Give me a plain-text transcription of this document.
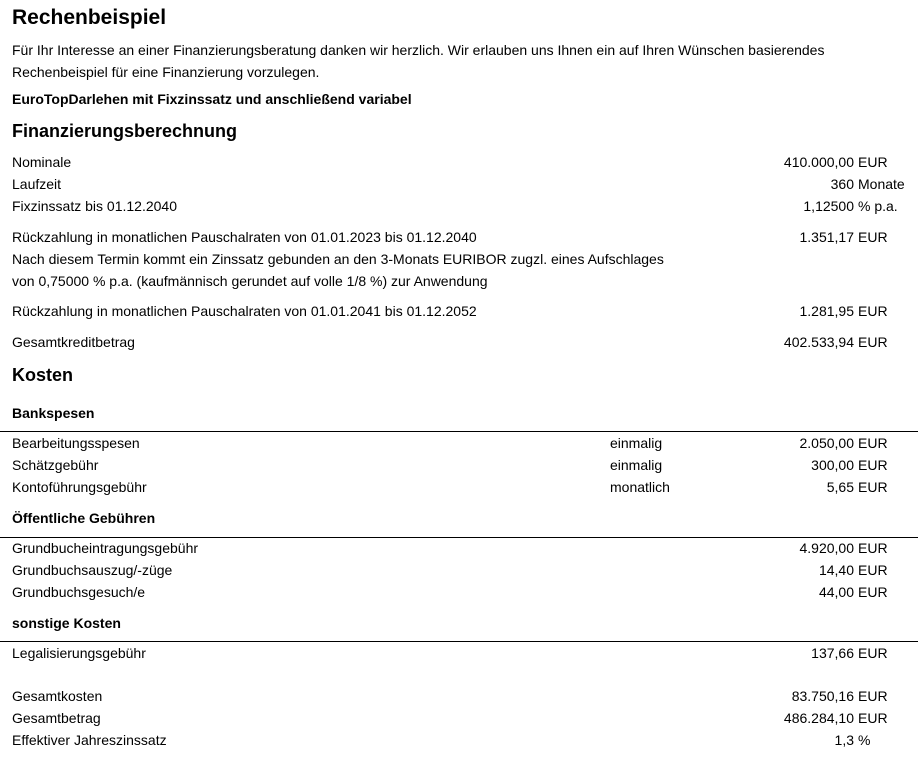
Rechenbeispiel
Für Ihr Interesse an einer Finanzierungsberatung danken wir herzlich. Wir erlauben uns Ihnen ein auf Ihren Wünschen basierendes
Rechenbeispiel für eine Finanzierung vorzulegen.
EuroTopDarlehen mit Fixzinssatz und anschließend variabel
Finanzierungsberechnung
Nominale	410.000,00 EUR
Laufzeit	360 Monate
Fixzinssatz bis 01.12.2040	1,12500 % p.a.
Rückzahlung in monatlichen Pauschalraten von 01.01.2023 bis 01.12.2040	1.351,17 EUR
Nach diesem Termin kommt ein Zinssatz gebunden an den 3-Monats EURIBOR zugzl. eines Aufschlages
von 0,75000 % p.a. (kaufmännisch gerundet auf volle 1/8 %) zur Anwendung
Rückzahlung in monatlichen Pauschalraten von 01.01.2041 bis 01.12.2052	1.281,95 EUR
Gesamtkreditbetrag	402.533,94 EUR
Kosten
Bankspesen
Bearbeitungsspesen	einmalig	2.050,00 EUR
Schätzgebühr	einmalig	300,00 EUR
Kontoführungsgebühr	monatlich	5,65 EUR
Öffentliche Gebühren
Grundbucheintragungsgebühr	4.920,00 EUR
Grundbuchsauszug/-züge	14,40 EUR
Grundbuchsgesuch/e	44,00 EUR
sonstige Kosten
Legalisierungsgebühr	137,66 EUR
Gesamtkosten	83.750,16 EUR
Gesamtbetrag	486.284,10 EUR
Effektiver Jahreszinssatz	1,3 %
